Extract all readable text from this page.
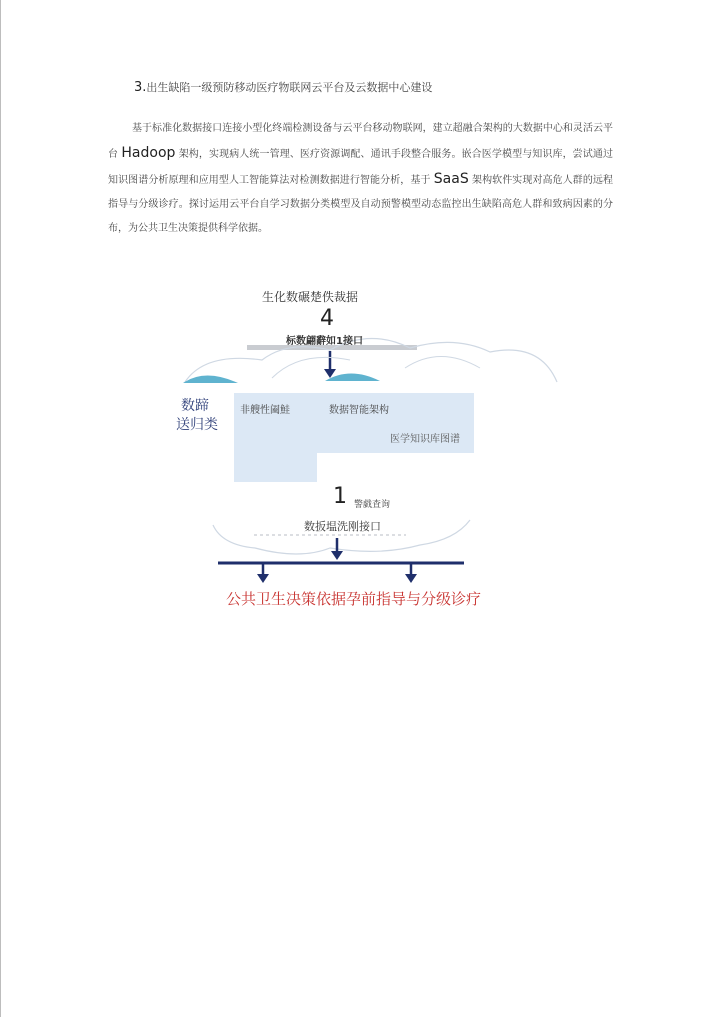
3.出生缺陷一级预防移动医疗物联网云平台及云数据中心建设

基于标准化数据接口连接小型化终端检测设备与云平台移动物联网，建立超融合架构的大数据中心和灵活云平台 Hadoop 架构，实现病人统一管理、医疗资源调配、通讯手段整合服务。嵌合医学模型与知识库，尝试通过知识图谱分析原理和应用型人工智能算法对检测数据进行智能分析，基于 SaaS 架构软件实现对高危人群的远程指导与分级诊疗。探讨运用云平台自学习数据分类模型及自动预警模型动态监控出生缺陷高危人群和致病因素的分布，为公共卫生决策提供科学依据。

生化数碾楚佚裁据
4
标数翩辭如1接口
数蹄
送归类
非艘性阖鮭	数据智能架构
医学知识库图谱
1 警戯査询
数扳塭洗刚接口
公共卫生决策依据孕前指导与分级诊疗
